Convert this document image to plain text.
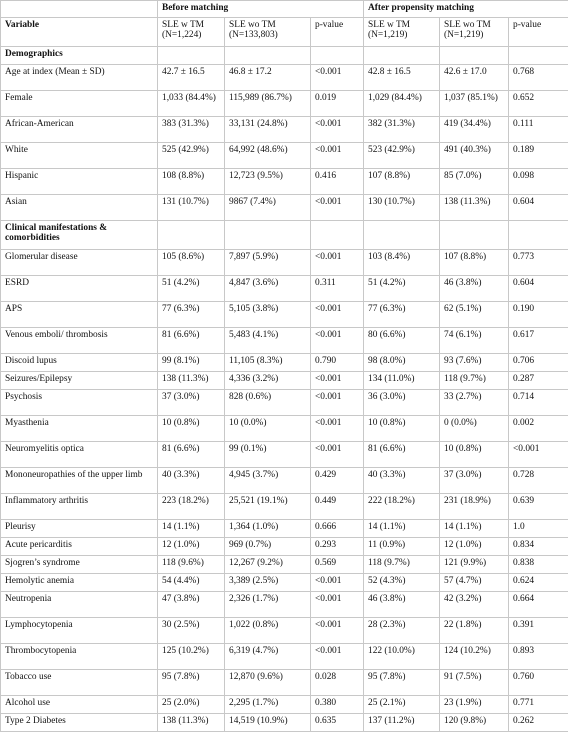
	Before matching			After propensity matching		
Variable	SLE w TM (N=1,224)	SLE wo TM (N=133,803)	p-value	SLE w TM (N=1,219)	SLE wo TM (N=1,219)	p-value
Demographics						
Age at index (Mean ± SD)	42.7 ± 16.5	46.8 ± 17.2	<0.001	42.8 ± 16.5	42.6 ± 17.0	0.768
Female	1,033 (84.4%)	115,989 (86.7%)	0.019	1,029 (84.4%)	1,037 (85.1%)	0.652
African-American	383 (31.3%)	33,131 (24.8%)	<0.001	382 (31.3%)	419 (34.4%)	0.111
White	525 (42.9%)	64,992 (48.6%)	<0.001	523 (42.9%)	491 (40.3%)	0.189
Hispanic	108 (8.8%)	12,723 (9.5%)	0.416	107 (8.8%)	85 (7.0%)	0.098
Asian	131 (10.7%)	9867 (7.4%)	<0.001	130 (10.7%)	138 (11.3%)	0.604
Clinical manifestations & comorbidities						
Glomerular disease	105 (8.6%)	7,897 (5.9%)	<0.001	103 (8.4%)	107 (8.8%)	0.773
ESRD	51 (4.2%)	4,847 (3.6%)	0.311	51 (4.2%)	46 (3.8%)	0.604
APS	77 (6.3%)	5,105 (3.8%)	<0.001	77 (6.3%)	62 (5.1%)	0.190
Venous emboli/ thrombosis	81 (6.6%)	5,483 (4.1%)	<0.001	80 (6.6%)	74 (6.1%)	0.617
Discoid lupus	99 (8.1%)	11,105 (8.3%)	0.790	98 (8.0%)	93 (7.6%)	0.706
Seizures/Epilepsy	138 (11.3%)	4,336 (3.2%)	<0.001	134 (11.0%)	118 (9.7%)	0.287
Psychosis	37 (3.0%)	828 (0.6%)	<0.001	36 (3.0%)	33 (2.7%)	0.714
Myasthenia	10 (0.8%)	10 (0.0%)	<0.001	10 (0.8%)	0 (0.0%)	0.002
Neuromyelitis optica	81 (6.6%)	99 (0.1%)	<0.001	81 (6.6%)	10 (0.8%)	<0.001
Mononeuropathies of the upper limb	40 (3.3%)	4,945 (3.7%)	0.429	40 (3.3%)	37 (3.0%)	0.728
Inflammatory arthritis	223 (18.2%)	25,521 (19.1%)	0.449	222 (18.2%)	231 (18.9%)	0.639
Pleurisy	14 (1.1%)	1,364 (1.0%)	0.666	14 (1.1%)	14 (1.1%)	1.0
Acute pericarditis	12 (1.0%)	969 (0.7%)	0.293	11 (0.9%)	12 (1.0%)	0.834
Sjogren’s syndrome	118 (9.6%)	12,267 (9.2%)	0.569	118 (9.7%)	121 (9.9%)	0.838
Hemolytic anemia	54 (4.4%)	3,389 (2.5%)	<0.001	52 (4.3%)	57 (4.7%)	0.624
Neutropenia	47 (3.8%)	2,326 (1.7%)	<0.001	46 (3.8%)	42 (3.2%)	0.664
Lymphocytopenia	30 (2.5%)	1,022 (0.8%)	<0.001	28 (2.3%)	22 (1.8%)	0.391
Thrombocytopenia	125 (10.2%)	6,319 (4.7%)	<0.001	122 (10.0%)	124 (10.2%)	0.893
Tobacco use	95 (7.8%)	12,870 (9.6%)	0.028	95 (7.8%)	91 (7.5%)	0.760
Alcohol use	25 (2.0%)	2,295 (1.7%)	0.380	25 (2.1%)	23 (1.9%)	0.771
Type 2 Diabetes	138 (11.3%)	14,519 (10.9%)	0.635	137 (11.2%)	120 (9.8%)	0.262
